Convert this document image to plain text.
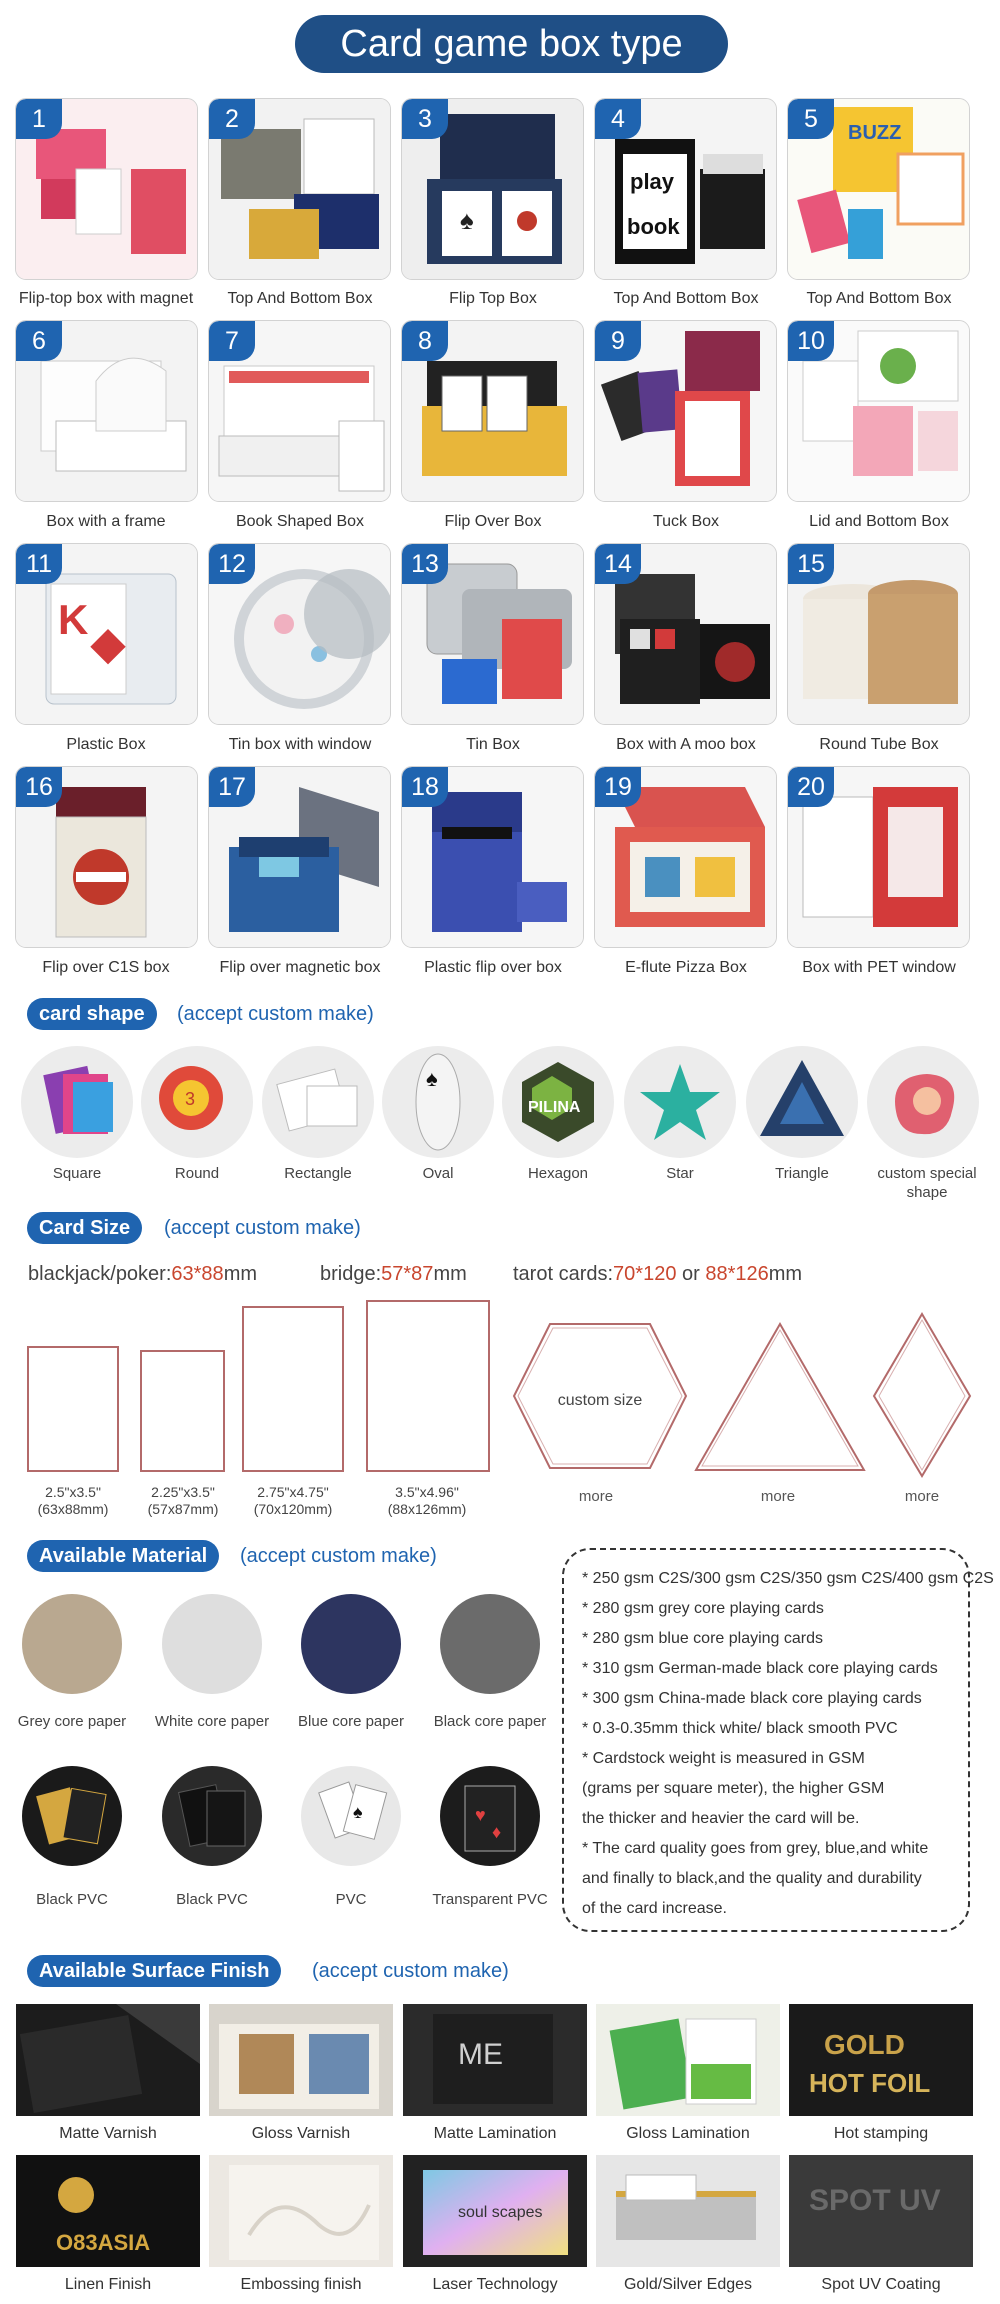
Card game box type
1	2
♠
3
play
book
4	BUZZ
5
Flip-top box with magnet	Top And Bottom Box	Flip Top Box	Top And Bottom Box	Top And Bottom Box
6	7	8	9	10
Box with a frame	Book Shaped Box	Flip Over Box	Tuck Box	Lid and Bottom Box
K
11	12	13	14	15
Plastic Box	Tin box with window	Tin Box	Box with A moo box	Round Tube Box
16	17	18	19	20
Flip over C1S box	Flip over magnetic box	Plastic flip over box	E-flute Pizza Box	Box with PET window
card shape	(accept custom make)
3
♠
PILINA
Square	Round	Rectangle	Oval	Hexagon	Star	Triangle	custom special shape
Card Size	(accept custom make)
blackjack/poker:63*88mm	bridge:57*87mm tarot cards:70*120 or 88*126mm
2.5"x3.5"
(63x88mm)
2.25"x3.5"
(57x87mm)
2.75"x4.75"
(70x120mm)
3.5"x4.96"
(88x126mm)
custom size
more	more	more
Available Material	(accept custom make)
Grey core paper	White core paper	Blue core paper	Black core paper
♠	♥
♦
Black PVC	Black PVC	PVC	Transparent PVC
* 250 gsm C2S/300 gsm C2S/350 gsm C2S/400 gsm C2S
* 280 gsm grey core playing cards
* 280 gsm blue core playing cards
* 310 gsm German-made black core playing cards
* 300 gsm China-made black core playing cards
* 0.3-0.35mm thick white/ black smooth PVC
* Cardstock weight is measured in GSM
(grams per square meter), the higher GSM
the thicker and heavier the card will be.
* The card quality goes from grey, blue,and white
and finally to black,and the quality and durability
of the card increase.
Available Surface Finish	(accept custom make)
ME	GOLD
HOT FOIL
Matte Varnish	Gloss Varnish	Matte Lamination	Gloss Lamination	Hot stamping
O83ASIA
soul scapes	SPOT UV
Linen Finish	Embossing finish	Laser Technology	Gold/Silver Edges	Spot UV Coating
